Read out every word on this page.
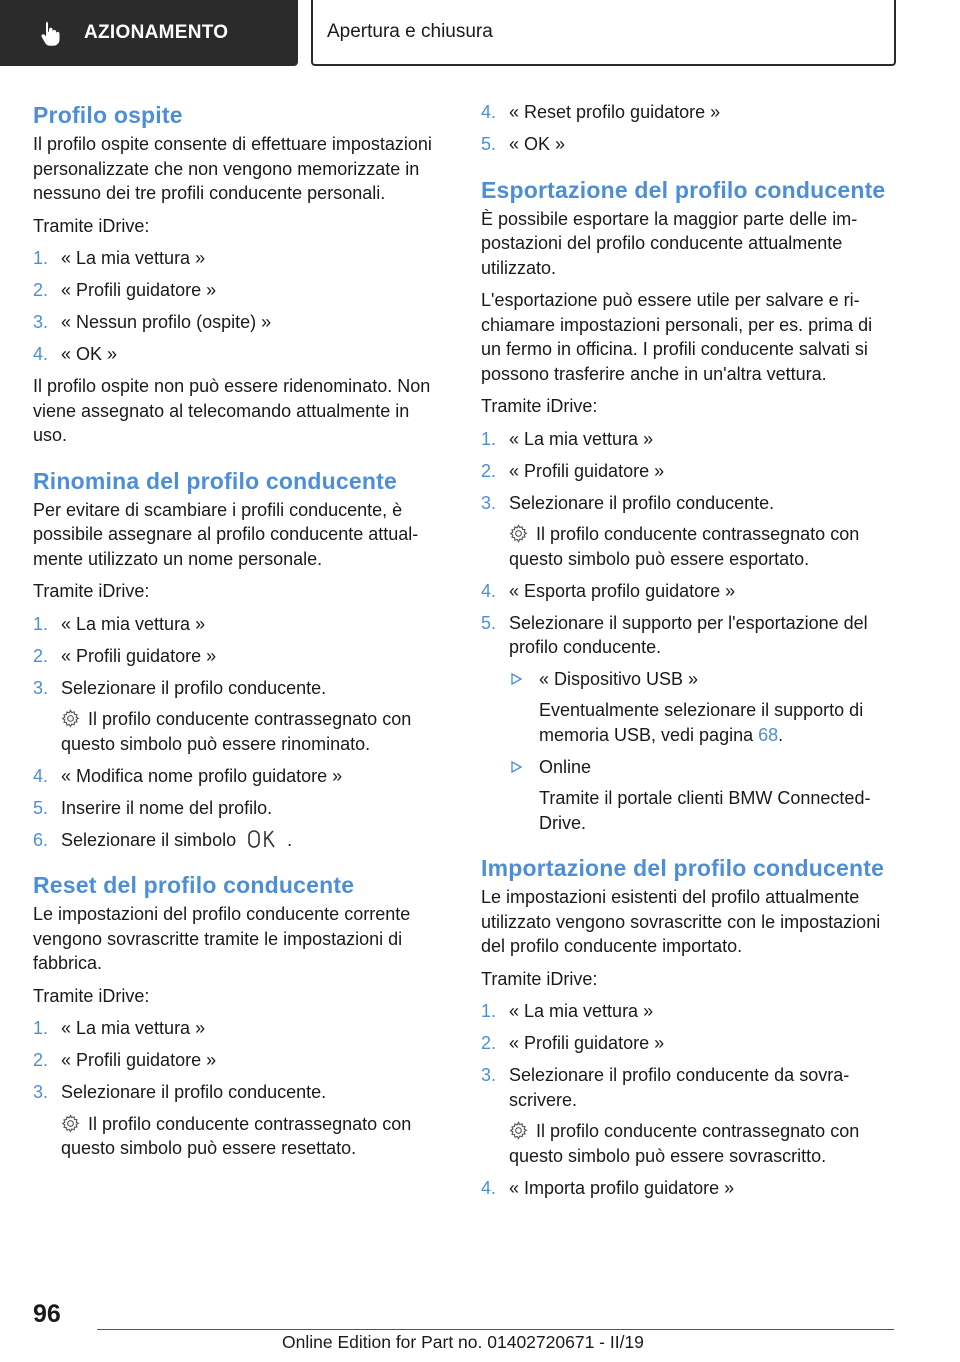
AZIONAMENTO	Apertura e chiusura
Profilo ospite

Il profilo ospite consente di effettuare impostazioni personalizzate che non vengono memorizzate in nessuno dei tre profili conducente personali.

Tramite iDrive:

1. « La mia vettura »
2. « Profili guidatore »
3. « Nessun profilo (ospite) »
4. « OK »

Il profilo ospite non può essere ridenominato. Non viene assegnato al telecomando attualmente in uso.

Rinomina del profilo conducente

Per evitare di scambiare i profili conducente, è possibile assegnare al profilo conducente attualmente utilizzato un nome personale.

Tramite iDrive:

1. « La mia vettura »
2. « Profili guidatore »
3. Selezionare il profilo conducente.
Il profilo conducente contrassegnato con questo simbolo può essere rinominato.
4. « Modifica nome profilo guidatore »
5. Inserire il nome del profilo.
6. Selezionare il simbolo	.
Reset del profilo conducente

Le impostazioni del profilo conducente corrente vengono sovrascritte tramite le impostazioni di fabbrica.

Tramite iDrive:

1. « La mia vettura »
2. « Profili guidatore »
3. Selezionare il profilo conducente.
Il profilo conducente contrassegnato con questo simbolo può essere resettato.
4. « Reset profilo guidatore »
5. « OK »
Esportazione del profilo conducente

È possibile esportare la maggior parte delle impostazioni del profilo conducente attualmente utilizzato.

L'esportazione può essere utile per salvare e richiamare impostazioni personali, per es. prima di un fermo in officina. I profili conducente salvati si possono trasferire anche in un'altra vettura.

Tramite iDrive:

1. « La mia vettura »
2. « Profili guidatore »
3. Selezionare il profilo conducente.
Il profilo conducente contrassegnato con questo simbolo può essere esportato.
4. « Esporta profilo guidatore »
5. Selezionare il supporto per l'esportazione del profilo conducente.
« Dispositivo USB »
Eventualmente selezionare il supporto di memoria USB, vedi pagina 68.
Online
Tramite il portale clienti BMW ConnectedDrive.
Importazione del profilo conducente

Le impostazioni esistenti del profilo attualmente utilizzato vengono sovrascritte con le impostazioni del profilo conducente importato.

Tramite iDrive:

1. « La mia vettura »
2. « Profili guidatore »
3. Selezionare il profilo conducente da sovrascrivere.
Il profilo conducente contrassegnato con questo simbolo può essere sovrascritto.
4. « Importa profilo guidatore »
96
Online Edition for Part no. 01402720671 - II/19
